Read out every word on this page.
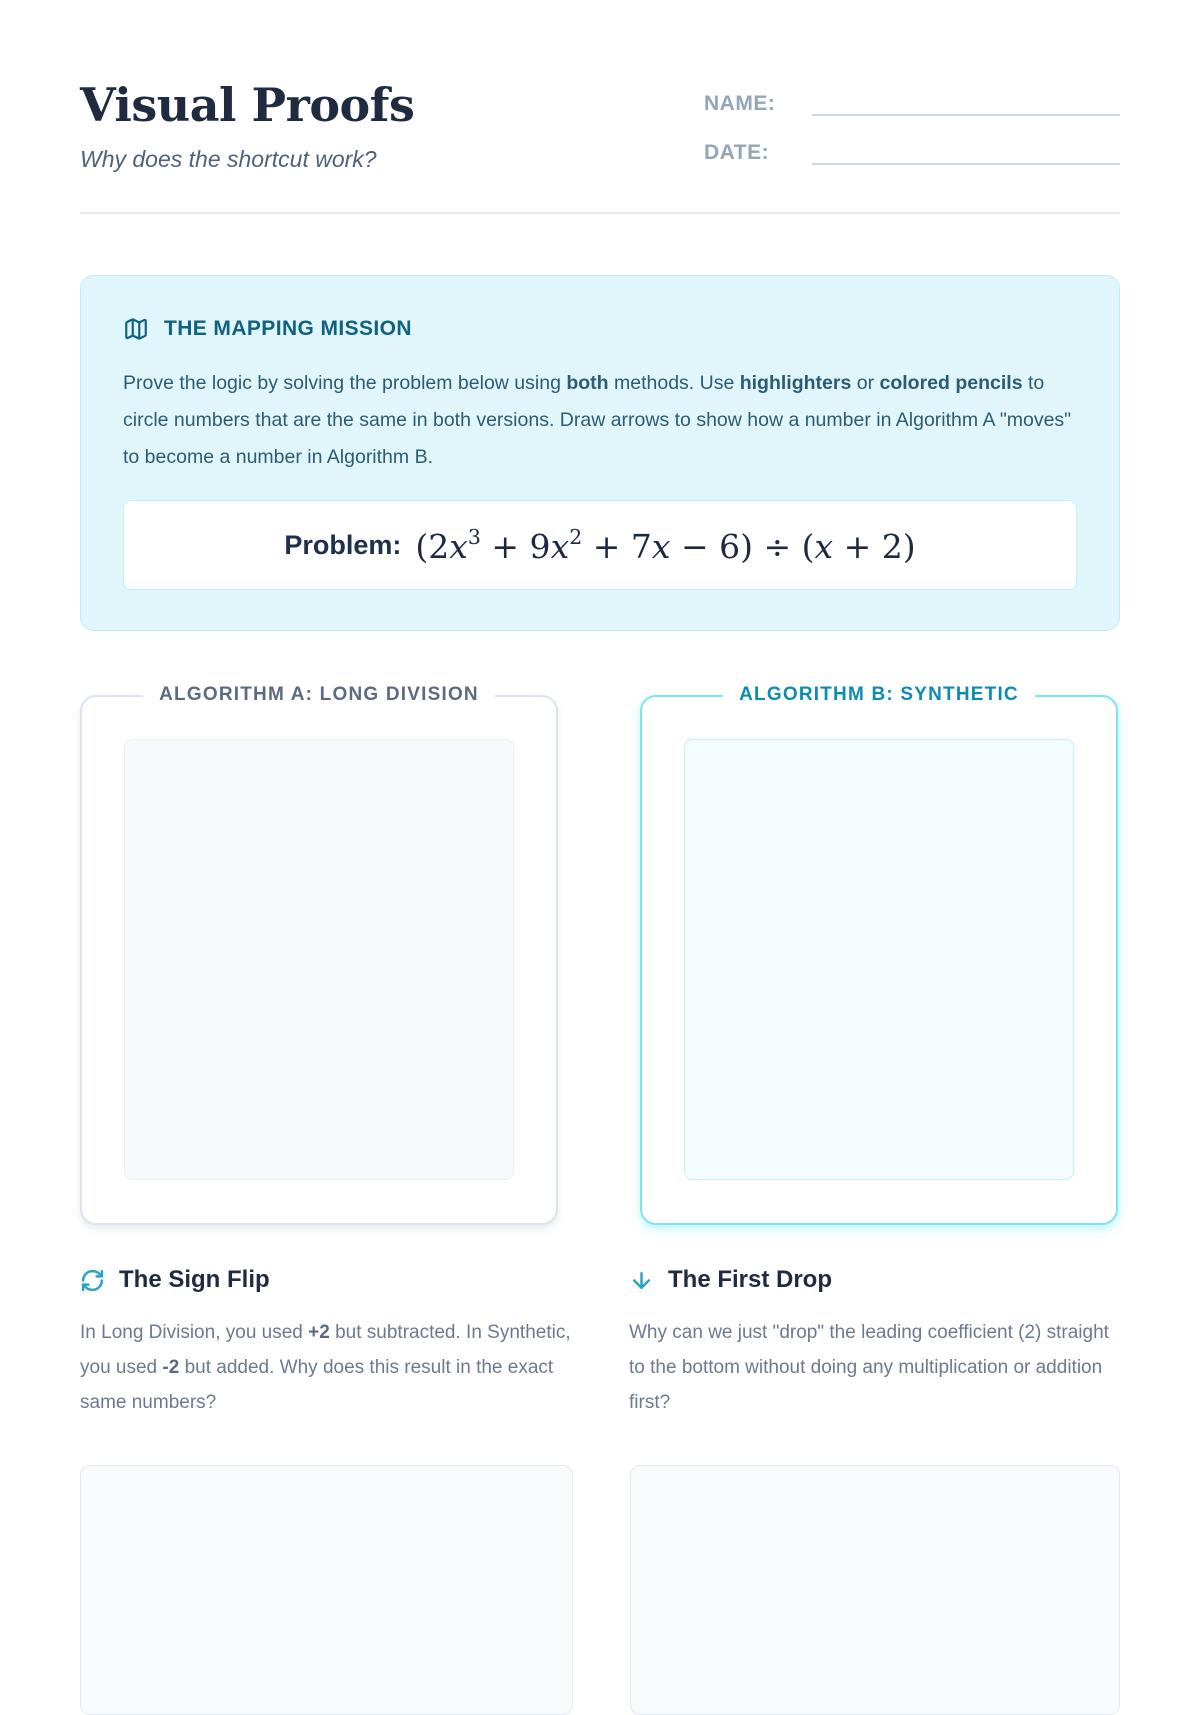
Visual Proofs
Why does the shortcut work?
NAME:
DATE:
THE MAPPING MISSION
Prove the logic by solving the problem below using both methods. Use highlighters or colored pencils to circle numbers that are the same in both versions. Draw arrows to show how a number in Algorithm A "moves" to become a number in Algorithm B.
Problem: $(2x^3 + 9x^2 + 7x - 6) \div (x + 2)$
ALGORITHM A: LONG DIVISION	ALGORITHM B: SYNTHETIC
The Sign Flip
In Long Division, you used +2 but subtracted. In Synthetic, you used -2 but added. Why does this result in the exact same numbers?
The First Drop
Why can we just "drop" the leading coefficient (2) straight to the bottom without doing any multiplication or addition first?
